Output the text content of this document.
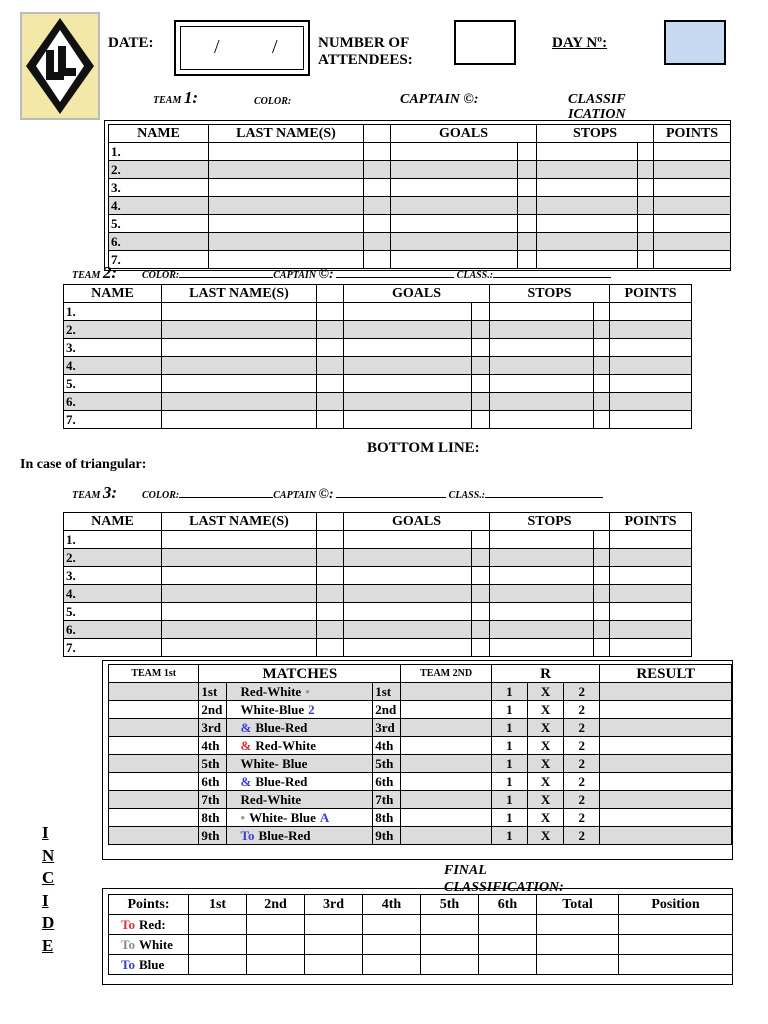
DATE:	/	/	NUMBER OF
ATTENDEES:
DAY Nº:
TEAM 1:	COLOR:	CAPTAIN ©:	CLASSIF
ICATION
NAME	LAST NAME(S)		GOALS		STOPS		POINTS
1.							
2.							
3.							
4.							
5.							
6.							
7.							
TEAM 2:	COLOR:	CAPTAIN ©:	CLASS.:
NAME	LAST NAME(S)		GOALS		STOPS		POINTS
1.							
2.							
3.							
4.							
5.							
6.							
7.							
BOTTOM LINE:
In case of triangular:
TEAM 3:	COLOR:	CAPTAIN ©:	CLASS.:
NAME	LAST NAME(S)		GOALS		STOPS		POINTS
1.							
2.							
3.							
4.							
5.							
6.							
7.							
TEAM 1st	MATCHES			TEAM 2ND	R			RESULT
	1st	Red-White •	1st		1	X	2	
	2nd	White-Blue 2	2nd		1	X	2	
	3rd	& Blue-Red	3rd		1	X	2	
	4th	& Red-White	4th		1	X	2	
	5th	White- Blue	5th		1	X	2	
	6th	& Blue-Red	6th		1	X	2	
	7th	Red-White	7th		1	X	2	
	8th	• White- Blue A	8th		1	X	2	
	9th	To Blue-Red	9th		1	X	2	
I
N
C
I
D
E
FINAL
CLASSIFICATION:
Points:	1st	2nd	3rd	4th	5th	6th	Total	Position
To Red:								
To White								
To Blue								
